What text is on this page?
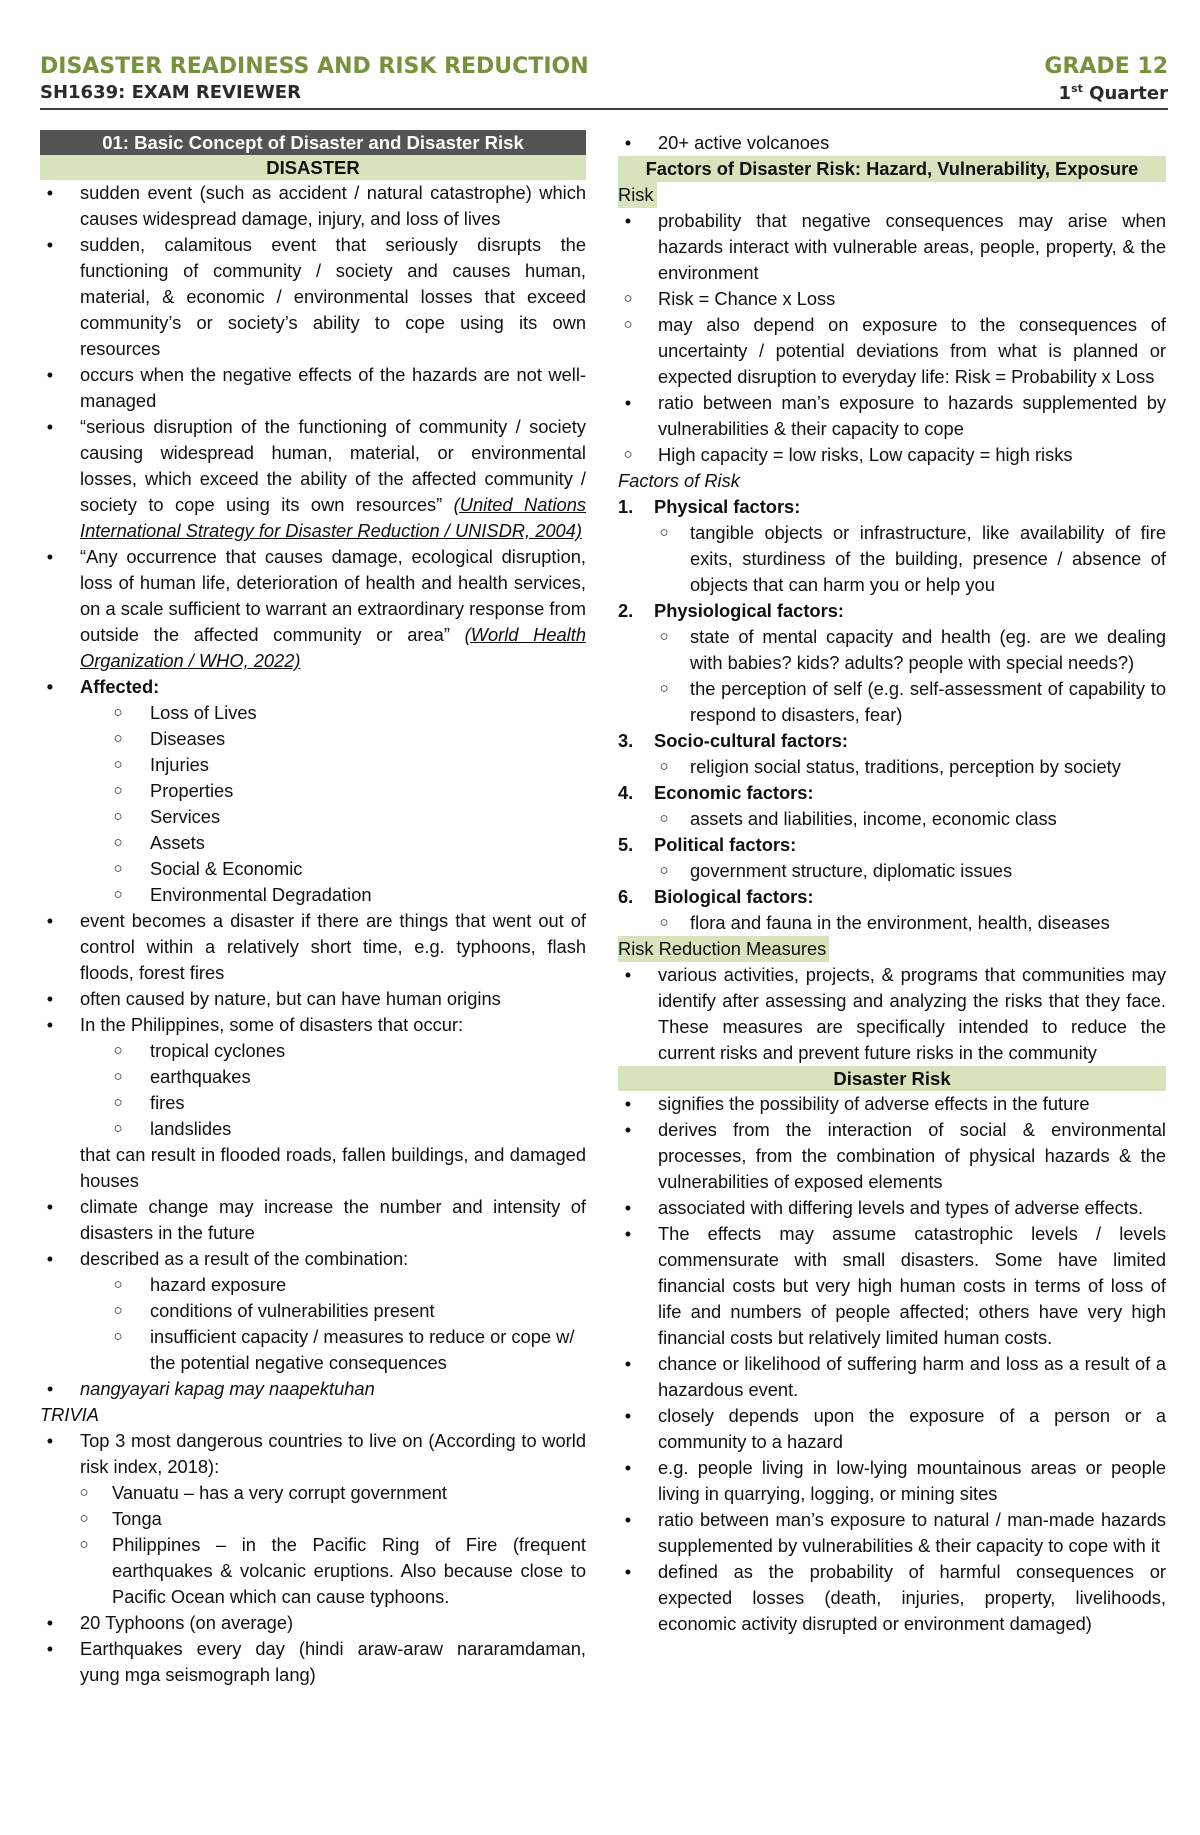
DISASTER READINESS AND RISK REDUCTION
SH1639: EXAM REVIEWER
GRADE 12
1st Quarter
01: Basic Concept of Disaster and Disaster Risk
DISASTER
•	sudden event (such as accident / natural catastrophe) which causes widespread damage, injury, and loss of lives
•	sudden, calamitous event that seriously disrupts the functioning of community / society and causes human, material, & economic / environmental losses that exceed community’s or society’s ability to cope using its own resources
•	occurs when the negative effects of the hazards are not well-managed
•	“serious disruption of the functioning of community / society causing widespread human, material, or environmental losses, which exceed the ability of the affected community / society to cope using its own resources” (United Nations International Strategy for Disaster Reduction / UNISDR, 2004)
•	“Any occurrence that causes damage, ecological disruption, loss of human life, deterioration of health and health services, on a scale sufficient to warrant an extraordinary response from outside the affected community or area” (World Health Organization / WHO, 2022)
•	Affected:
○ Loss of Lives
○ Diseases
○ Injuries
○ Properties
○ Services
○ Assets
○ Social & Economic
○ Environmental Degradation
•	event becomes a disaster if there are things that went out of control within a relatively short time, e.g. typhoons, flash floods, forest fires
•	often caused by nature, but can have human origins
•	In the Philippines, some of disasters that occur:
○ tropical cyclones
○ earthquakes
○ fires
○ landslides
that can result in flooded roads, fallen buildings, and damaged houses
•	climate change may increase the number and intensity of disasters in the future
•	described as a result of the combination:
○ hazard exposure
○ conditions of vulnerabilities present
○ insufficient capacity / measures to reduce or cope w/ the potential negative consequences
•	nangyayari kapag may naapektuhan
TRIVIA
•	Top 3 most dangerous countries to live on (According to world risk index, 2018):
○ Vanuatu – has a very corrupt government
○ Tonga
○ Philippines – in the Pacific Ring of Fire (frequent earthquakes & volcanic eruptions. Also because close to Pacific Ocean which can cause typhoons.
•	20 Typhoons (on average)
•	Earthquakes every day (hindi araw-araw nararamdaman, yung mga seismograph lang)
•	20+ active volcanoes
Factors of Disaster Risk: Hazard, Vulnerability, Exposure
Risk
•	probability that negative consequences may arise when hazards interact with vulnerable areas, people, property, & the environment
○ Risk = Chance x Loss
○ may also depend on exposure to the consequences of uncertainty / potential deviations from what is planned or expected disruption to everyday life: Risk = Probability x Loss
•	ratio between man’s exposure to hazards supplemented by vulnerabilities & their capacity to cope
○ High capacity = low risks, Low capacity = high risks
Factors of Risk
1. Physical factors:
○ tangible objects or infrastructure, like availability of fire exits, sturdiness of the building, presence / absence of objects that can harm you or help you
2. Physiological factors:
○ state of mental capacity and health (eg. are we dealing with babies? kids? adults? people with special needs?)
○ the perception of self (e.g. self-assessment of capability to respond to disasters, fear)
3. Socio-cultural factors:
○ religion social status, traditions, perception by society
4. Economic factors:
○ assets and liabilities, income, economic class
5. Political factors:
○ government structure, diplomatic issues
6. Biological factors:
○ flora and fauna in the environment, health, diseases
Risk Reduction Measures
•	various activities, projects, & programs that communities may identify after assessing and analyzing the risks that they face. These measures are specifically intended to reduce the current risks and prevent future risks in the community
Disaster Risk
•	signifies the possibility of adverse effects in the future
•	derives from the interaction of social & environmental processes, from the combination of physical hazards & the vulnerabilities of exposed elements
•	associated with differing levels and types of adverse effects.
•	The effects may assume catastrophic levels / levels commensurate with small disasters. Some have limited financial costs but very high human costs in terms of loss of life and numbers of people affected; others have very high financial costs but relatively limited human costs.
•	chance or likelihood of suffering harm and loss as a result of a hazardous event.
•	closely depends upon the exposure of a person or a community to a hazard
•	e.g. people living in low-lying mountainous areas or people living in quarrying, logging, or mining sites
•	ratio between man’s exposure to natural / man-made hazards supplemented by vulnerabilities & their capacity to cope with it
•	defined as the probability of harmful consequences or expected losses (death, injuries, property, livelihoods, economic activity disrupted or environment damaged)
